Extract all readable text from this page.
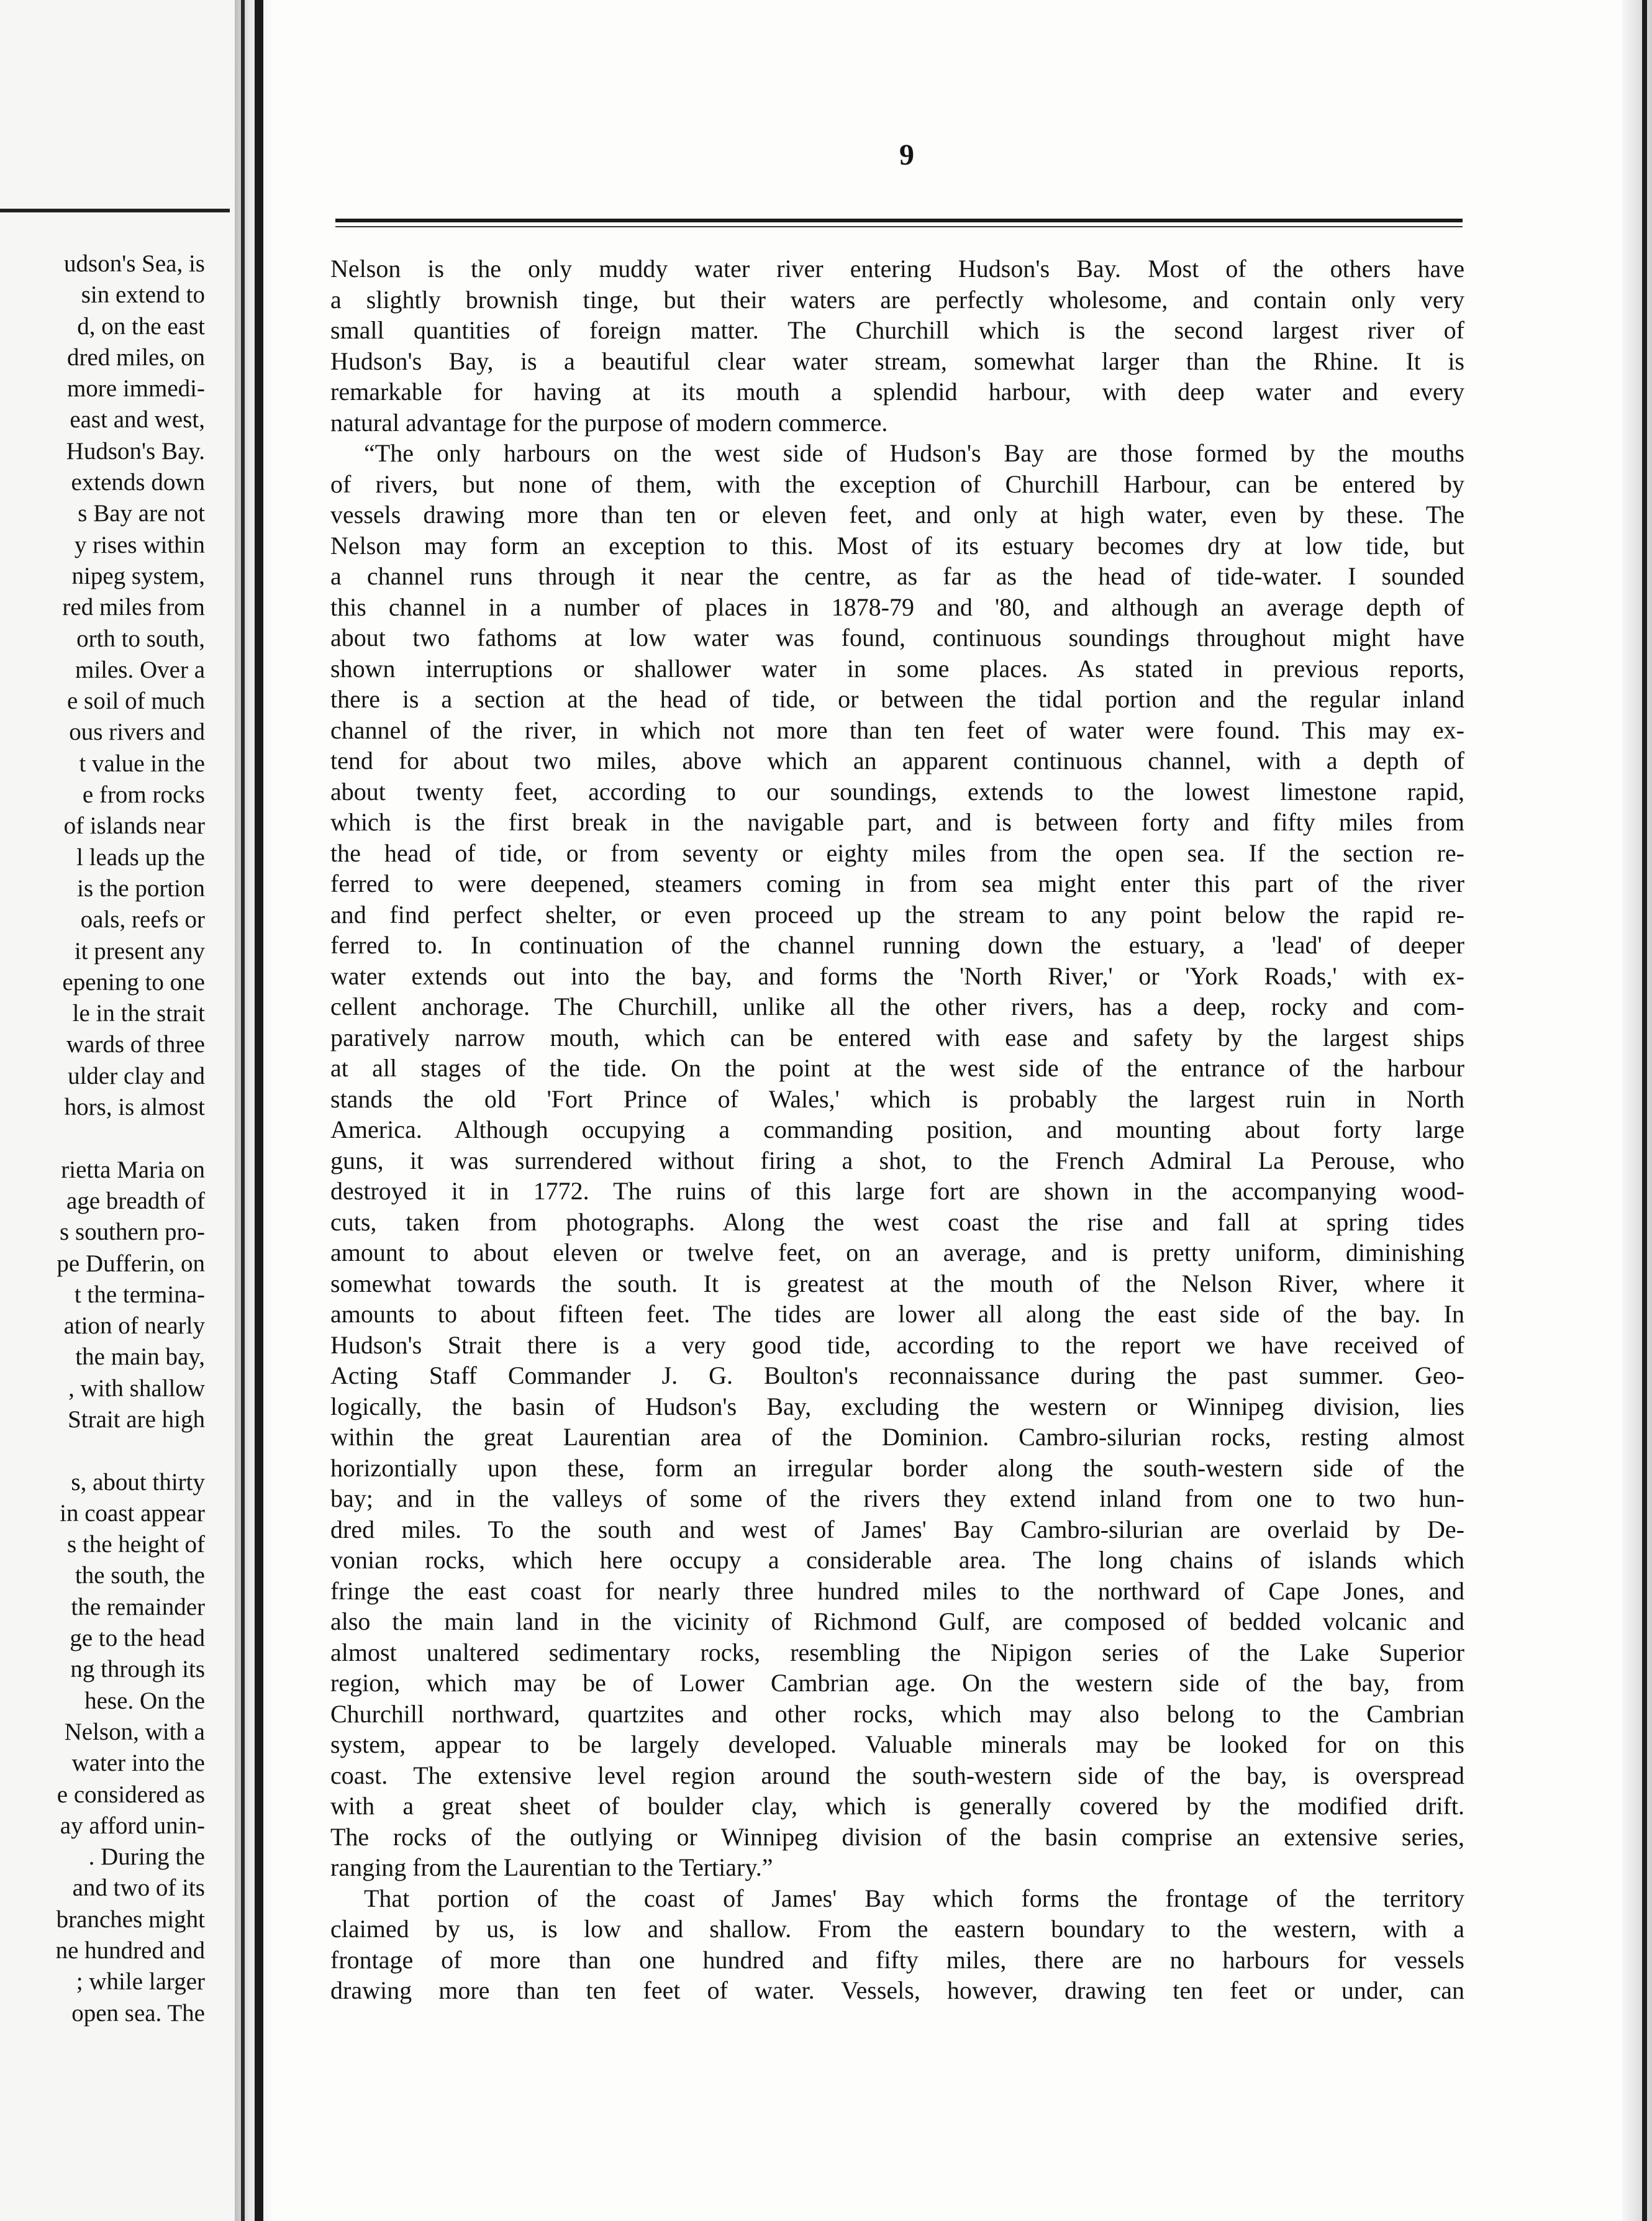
udson's Sea, is
sin extend to
d, on the east
dred miles, on
more immedi-
east and west,
Hudson's Bay.
extends down
s Bay are not
y rises within
nipeg system,
red miles from
orth to south,
miles. Over a
e soil of much
ous rivers and
t value in the
e from rocks
of islands near
l leads up the
is the portion
oals, reefs or
it present any
epening to one
le in the strait
wards of three
ulder clay and
hors, is almost
rietta Maria on
age breadth of
s southern pro-
pe Dufferin, on
t the termina-
ation of nearly
the main bay,
, with shallow
Strait are high
s, about thirty
in coast appear
s the height of
the south, the
the remainder
ge to the head
ng through its
hese. On the
Nelson, with a
water into the
e considered as
ay afford unin-
. During the
and two of its
branches might
ne hundred and
; while larger
open sea. The
9
Nelson is the only muddy water river entering Hudson's Bay. Most of the others have
a slightly brownish tinge, but their waters are perfectly wholesome, and contain only very
small quantities of foreign matter. The Churchill which is the second largest river of
Hudson's Bay, is a beautiful clear water stream, somewhat larger than the Rhine. It is
remarkable for having at its mouth a splendid harbour, with deep water and every
natural advantage for the purpose of modern commerce.
“The only harbours on the west side of Hudson's Bay are those formed by the mouths
of rivers, but none of them, with the exception of Churchill Harbour, can be entered by
vessels drawing more than ten or eleven feet, and only at high water, even by these. The
Nelson may form an exception to this. Most of its estuary becomes dry at low tide, but
a channel runs through it near the centre, as far as the head of tide-water. I sounded
this channel in a number of places in 1878-79 and '80, and although an average depth of
about two fathoms at low water was found, continuous soundings throughout might have
shown interruptions or shallower water in some places. As stated in previous reports,
there is a section at the head of tide, or between the tidal portion and the regular inland
channel of the river, in which not more than ten feet of water were found. This may ex-
tend for about two miles, above which an apparent continuous channel, with a depth of
about twenty feet, according to our soundings, extends to the lowest limestone rapid,
which is the first break in the navigable part, and is between forty and fifty miles from
the head of tide, or from seventy or eighty miles from the open sea. If the section re-
ferred to were deepened, steamers coming in from sea might enter this part of the river
and find perfect shelter, or even proceed up the stream to any point below the rapid re-
ferred to. In continuation of the channel running down the estuary, a 'lead' of deeper
water extends out into the bay, and forms the 'North River,' or 'York Roads,' with ex-
cellent anchorage. The Churchill, unlike all the other rivers, has a deep, rocky and com-
paratively narrow mouth, which can be entered with ease and safety by the largest ships
at all stages of the tide. On the point at the west side of the entrance of the harbour
stands the old 'Fort Prince of Wales,' which is probably the largest ruin in North
America. Although occupying a commanding position, and mounting about forty large
guns, it was surrendered without firing a shot, to the French Admiral La Perouse, who
destroyed it in 1772. The ruins of this large fort are shown in the accompanying wood-
cuts, taken from photographs. Along the west coast the rise and fall at spring tides
amount to about eleven or twelve feet, on an average, and is pretty uniform, diminishing
somewhat towards the south. It is greatest at the mouth of the Nelson River, where it
amounts to about fifteen feet. The tides are lower all along the east side of the bay. In
Hudson's Strait there is a very good tide, according to the report we have received of
Acting Staff Commander J. G. Boulton's reconnaissance during the past summer. Geo-
logically, the basin of Hudson's Bay, excluding the western or Winnipeg division, lies
within the great Laurentian area of the Dominion. Cambro-silurian rocks, resting almost
horizontially upon these, form an irregular border along the south-western side of the
bay; and in the valleys of some of the rivers they extend inland from one to two hun-
dred miles. To the south and west of James' Bay Cambro-silurian are overlaid by De-
vonian rocks, which here occupy a considerable area. The long chains of islands which
fringe the east coast for nearly three hundred miles to the northward of Cape Jones, and
also the main land in the vicinity of Richmond Gulf, are composed of bedded volcanic and
almost unaltered sedimentary rocks, resembling the Nipigon series of the Lake Superior
region, which may be of Lower Cambrian age. On the western side of the bay, from
Churchill northward, quartzites and other rocks, which may also belong to the Cambrian
system, appear to be largely developed. Valuable minerals may be looked for on this
coast. The extensive level region around the south-western side of the bay, is overspread
with a great sheet of boulder clay, which is generally covered by the modified drift.
The rocks of the outlying or Winnipeg division of the basin comprise an extensive series,
ranging from the Laurentian to the Tertiary.”
That portion of the coast of James' Bay which forms the frontage of the territory
claimed by us, is low and shallow. From the eastern boundary to the western, with a
frontage of more than one hundred and fifty miles, there are no harbours for vessels
drawing more than ten feet of water. Vessels, however, drawing ten feet or under, can
